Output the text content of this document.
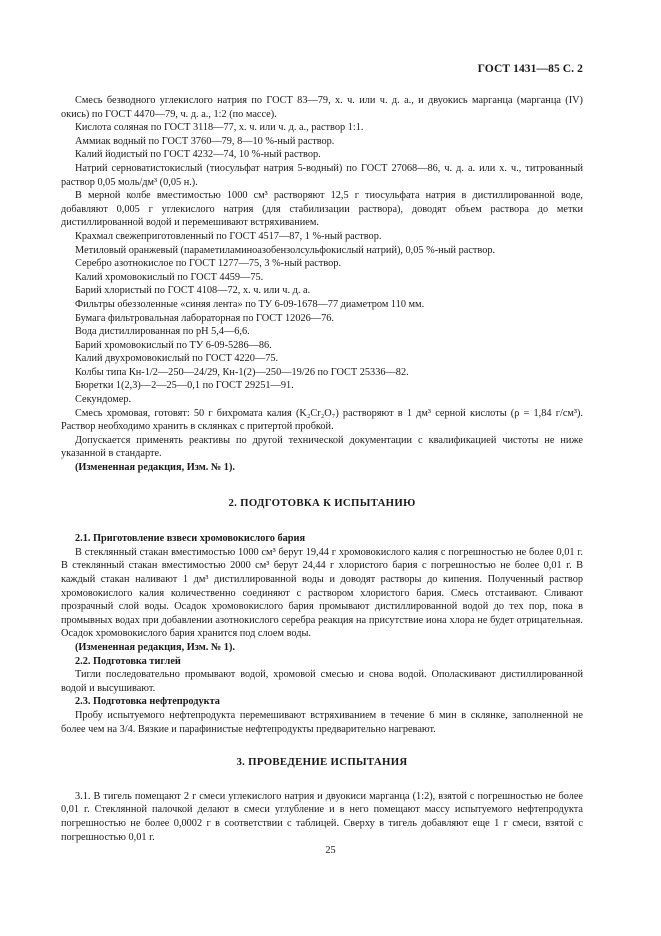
ГОСТ 1431—85 С. 2

Смесь безводного углекислого натрия по ГОСТ 83—79, х. ч. или ч. д. а., и двуокись марганца (марганца (IV) окись) по ГОСТ 4470—79, ч. д. а., 1:2 (по массе).

Кислота соляная по ГОСТ 3118—77, х. ч. или ч. д. а., раствор 1:1.

Аммиак водный по ГОСТ 3760—79, 8—10 %-ный раствор.

Калий йодистый по ГОСТ 4232—74, 10 %-ный раствор.

Натрий серноватистокислый (тиосульфат натрия 5-водный) по ГОСТ 27068—86, ч. д. а. или х. ч., титрованный раствор 0,05 моль/дм³ (0,05 н.).

В мерной колбе вместимостью 1000 см³ растворяют 12,5 г тиосульфата натрия в дистиллированной воде, добавляют 0,005 г углекислого натрия (для стабилизации раствора), доводят объем раствора до метки дистиллированной водой и перемешивают встряхиванием.

Крахмал свежеприготовленный по ГОСТ 4517—87, 1 %-ный раствор.

Метиловый оранжевый (параметиламиноазобензолсульфокислый натрий), 0,05 %-ный раствор.

Серебро азотнокислое по ГОСТ 1277—75, 3 %-ный раствор.

Калий хромовокислый по ГОСТ 4459—75.

Барий хлористый по ГОСТ 4108—72, х. ч. или ч. д. а.

Фильтры обеззоленные «синяя лента» по ТУ 6-09-1678—77 диаметром 110 мм.

Бумага фильтровальная лабораторная по ГОСТ 12026—76.

Вода дистиллированная по рН 5,4—6,6.

Барий хромовокислый по ТУ 6-09-5286—86.

Калий двухромовокислый по ГОСТ 4220—75.

Колбы типа Кн-1/2—250—24/29, Кн-1(2)—250—19/26 по ГОСТ 25336—82.

Бюретки 1(2,3)—2—25—0,1 по ГОСТ 29251—91.

Секундомер.

Смесь хромовая, готовят: 50 г бихромата калия (K₂Cr₂O₇) растворяют в 1 дм³ серной кислоты (ρ = 1,84 г/см³). Раствор необходимо хранить в склянках с притертой пробкой.

Допускается применять реактивы по другой технической документации с квалификацией чистоты не ниже указанной в стандарте.

(Измененная редакция, Изм. № 1).

2. ПОДГОТОВКА К ИСПЫТАНИЮ

2.1. Приготовление взвеси хромовокислого бария

В стеклянный стакан вместимостью 1000 см³ берут 19,44 г хромовокислого калия с погрешностью не более 0,01 г. В стеклянный стакан вместимостью 2000 см³ берут 24,44 г хлористого бария с погрешностью не более 0,01 г. В каждый стакан наливают 1 дм³ дистиллированной воды и доводят растворы до кипения. Полученный раствор хромовокислого калия количественно соединяют с раствором хлористого бария. Смесь отстаивают. Сливают прозрачный слой воды. Осадок хромовокислого бария промывают дистиллированной водой до тех пор, пока в промывных водах при добавлении азотнокислого серебра реакция на присутствие иона хлора не будет отрицательная. Осадок хромовокислого бария хранится под слоем воды.

(Измененная редакция, Изм. № 1).

2.2. Подготовка тиглей

Тигли последовательно промывают водой, хромовой смесью и снова водой. Ополаскивают дистиллированной водой и высушивают.

2.3. Подготовка нефтепродукта

Пробу испытуемого нефтепродукта перемешивают встряхиванием в течение 6 мин в склянке, заполненной не более чем на 3/4. Вязкие и парафинистые нефтепродукты предварительно нагревают.

3. ПРОВЕДЕНИЕ ИСПЫТАНИЯ

3.1. В тигель помещают 2 г смеси углекислого натрия и двуокиси марганца (1:2), взятой с погрешностью не более 0,01 г. Стеклянной палочкой делают в смеси углубление и в него помещают массу испытуемого нефтепродукта погрешностью не более 0,0002 г в соответствии с таблицей. Сверху в тигель добавляют еще 1 г смеси, взятой с погрешностью 0,01 г.

25
